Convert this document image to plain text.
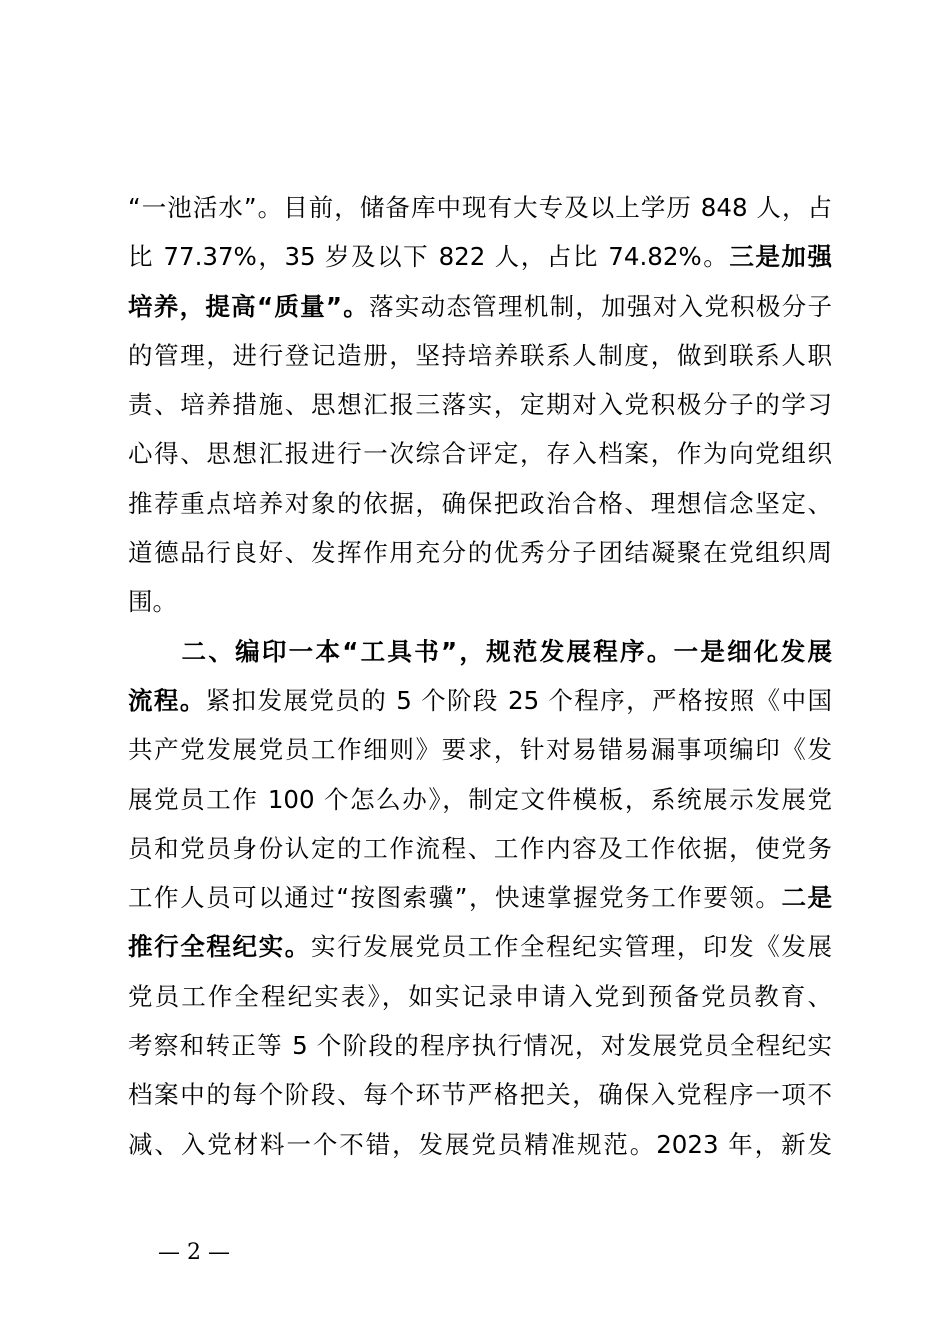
“一池活水”。目前，储备库中现有大专及以上学历 848 人，占
比 77.37%，35 岁及以下 822 人，占比 74.82%。三是加强
培养，提高“质量”。落实动态管理机制，加强对入党积极分子
的管理，进行登记造册，坚持培养联系人制度，做到联系人职
责、培养措施、思想汇报三落实，定期对入党积极分子的学习
心得、思想汇报进行一次综合评定，存入档案，作为向党组织
推荐重点培养对象的依据，确保把政治合格、理想信念坚定、
道德品行良好、发挥作用充分的优秀分子团结凝聚在党组织周
围。
　　二、编印一本“工具书”，规范发展程序。一是细化发展
流程。紧扣发展党员的 5 个阶段 25 个程序，严格按照《中国
共产党发展党员工作细则》要求，针对易错易漏事项编印《发
展党员工作 100 个怎么办》，制定文件模板，系统展示发展党
员和党员身份认定的工作流程、工作内容及工作依据，使党务
工作人员可以通过“按图索骥”，快速掌握党务工作要领。二是
推行全程纪实。实行发展党员工作全程纪实管理，印发《发展
党员工作全程纪实表》，如实记录申请入党到预备党员教育、
考察和转正等 5 个阶段的程序执行情况，对发展党员全程纪实
档案中的每个阶段、每个环节严格把关，确保入党程序一项不
减、入党材料一个不错，发展党员精准规范。2023 年，新发
— 2 —
